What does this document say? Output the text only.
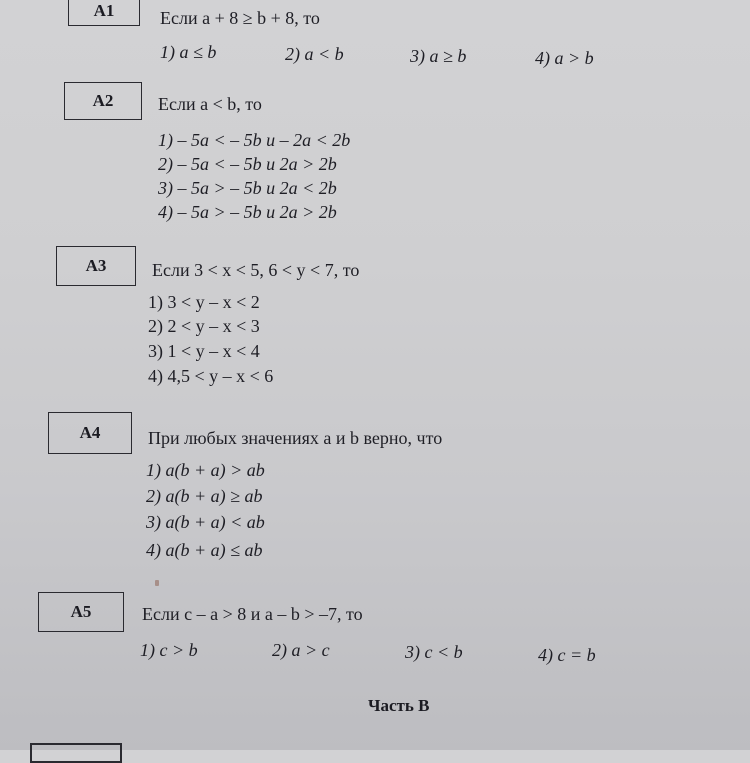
A1	Если a + 8 ≥ b + 8, то
1) a ≤ b	2) a < b	3) a ≥ b	4) a > b
A2	Если a < b, то
1) – 5a < – 5b и – 2a < 2b
2) – 5a < – 5b и 2a > 2b
3) – 5a > – 5b и 2a < 2b
4) – 5a > – 5b и 2a > 2b
A3	Если 3 < x < 5, 6 < y < 7, то
1) 3 < y – x < 2
2) 2 < y – x < 3
3) 1 < y – x < 4
4) 4,5 < y – x < 6
A4	При любых значениях a и b верно, что
1) a(b + a) > ab
2) a(b + a) ≥ ab
3) a(b + a) < ab
4) a(b + a) ≤ ab
A5	Если c – a > 8 и a – b > –7, то
1) c > b	2) a > c	3) c < b	4) c = b
Часть В
